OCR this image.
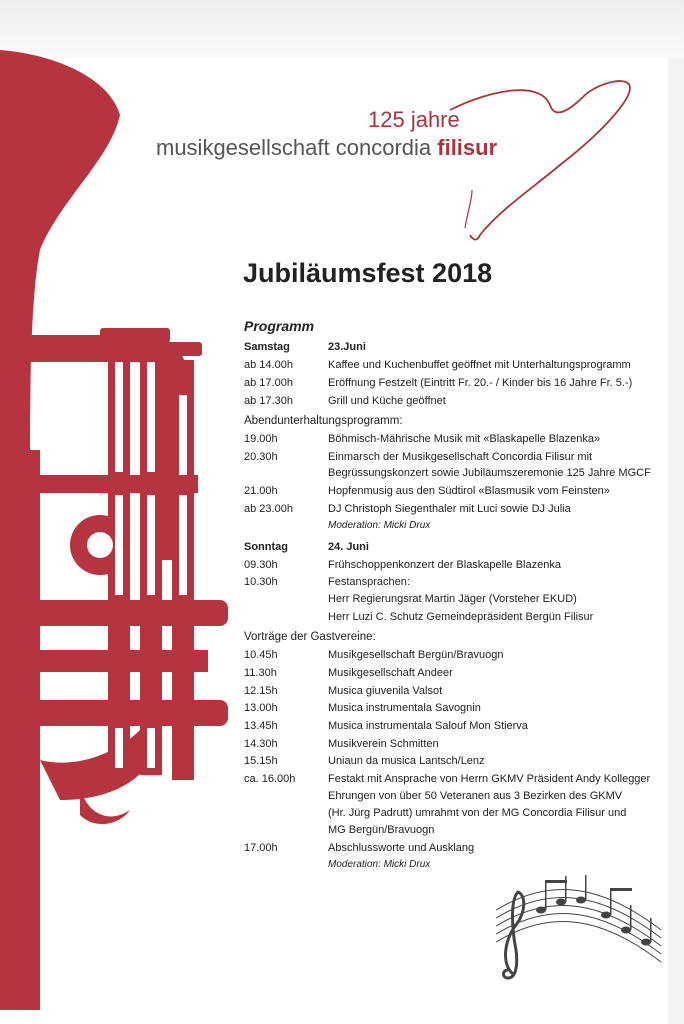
125 jahre
musikgesellschaft concordia filisur
Jubiläumsfest 2018
Programm
Samstag	23.Juni
ab 14.00h	Kaffee und Kuchenbuffet geöffnet mit Unterhaltungsprogramm
ab 17.00h	Eröffnung Festzelt (Eintritt Fr. 20.- / Kinder bis 16 Jahre Fr. 5.-)
ab 17.30h	Grill und Küche geöffnet
Abendunterhaltungsprogramm:
19.00h	Böhmisch-Mährische Musik mit «Blaskapelle Blazenka»
20.30h	Einmarsch der Musikgesellschaft Concordia Filisur mit
Begrüssungskonzert sowie Jubiläumszeremonie 125 Jahre MGCF
21.00h	Hopfenmusig aus den Südtirol «Blasmusik vom Feinsten»
ab 23.00h	DJ Christoph Siegenthaler mit Luci sowie DJ Julia
Moderation: Micki Drux
Sonntag	24. Juni
09.30h	Frühschoppenkonzert der Blaskapelle Blazenka
10.30h	Festansprachen:
Herr Regierungsrat Martin Jäger (Vorsteher EKUD)
Herr Luzi C. Schutz Gemeindepräsident Bergün Filisur
Vorträge der Gastvereine:
10.45h	Musikgesellschaft Bergün/Bravuogn
11.30h	Musikgesellschaft Andeer
12.15h	Musica giuvenila Valsot
13.00h	Musica instrumentala Savognin
13.45h	Musica instrumentala Salouf Mon Stierva
14.30h	Musikverein Schmitten
15.15h	Uniaun da musica Lantsch/Lenz
ca. 16.00h	Festakt mit Ansprache von Herrn GKMV Präsident Andy Kollegger
Ehrungen von über 50 Veteranen aus 3 Bezirken des GKMV
(Hr. Jürg Padrutt) umrahmt von der MG Concordia Filisur und
MG Bergün/Bravuogn
17.00h	Abschlussworte und Ausklang
Moderation: Micki Drux
